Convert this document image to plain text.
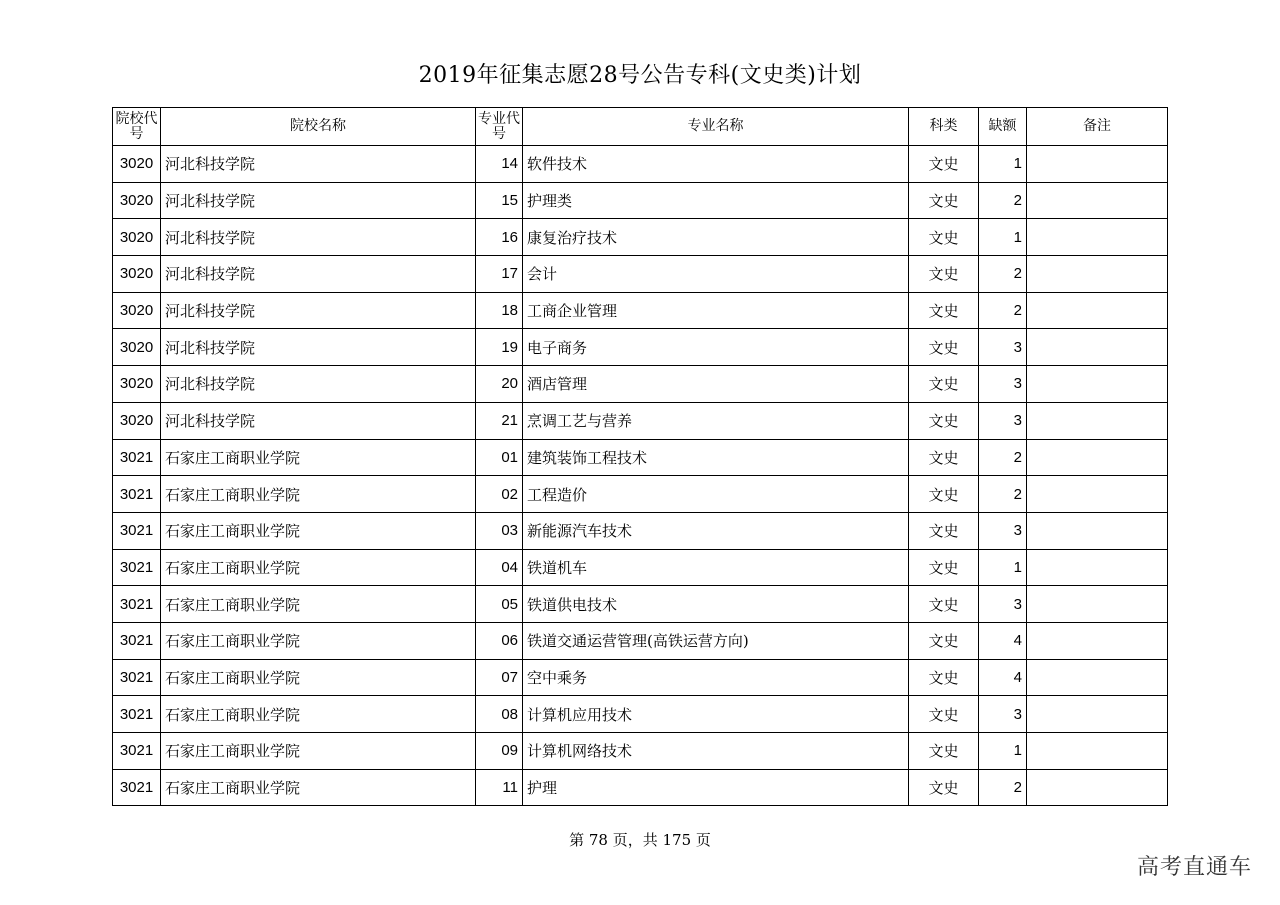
2019年征集志愿28号公告专科(文史类)计划
院校代号	院校名称	专业代号	专业名称	科类	缺额	备注
3020	河北科技学院	14	软件技术	文史	1	
3020	河北科技学院	15	护理类	文史	2	
3020	河北科技学院	16	康复治疗技术	文史	1	
3020	河北科技学院	17	会计	文史	2	
3020	河北科技学院	18	工商企业管理	文史	2	
3020	河北科技学院	19	电子商务	文史	3	
3020	河北科技学院	20	酒店管理	文史	3	
3020	河北科技学院	21	烹调工艺与营养	文史	3	
3021	石家庄工商职业学院	01	建筑装饰工程技术	文史	2	
3021	石家庄工商职业学院	02	工程造价	文史	2	
3021	石家庄工商职业学院	03	新能源汽车技术	文史	3	
3021	石家庄工商职业学院	04	铁道机车	文史	1	
3021	石家庄工商职业学院	05	铁道供电技术	文史	3	
3021	石家庄工商职业学院	06	铁道交通运营管理(高铁运营方向)	文史	4	
3021	石家庄工商职业学院	07	空中乘务	文史	4	
3021	石家庄工商职业学院	08	计算机应用技术	文史	3	
3021	石家庄工商职业学院	09	计算机网络技术	文史	1	
3021	石家庄工商职业学院	11	护理	文史	2	
第 78 页，共 175 页
高考直通车
